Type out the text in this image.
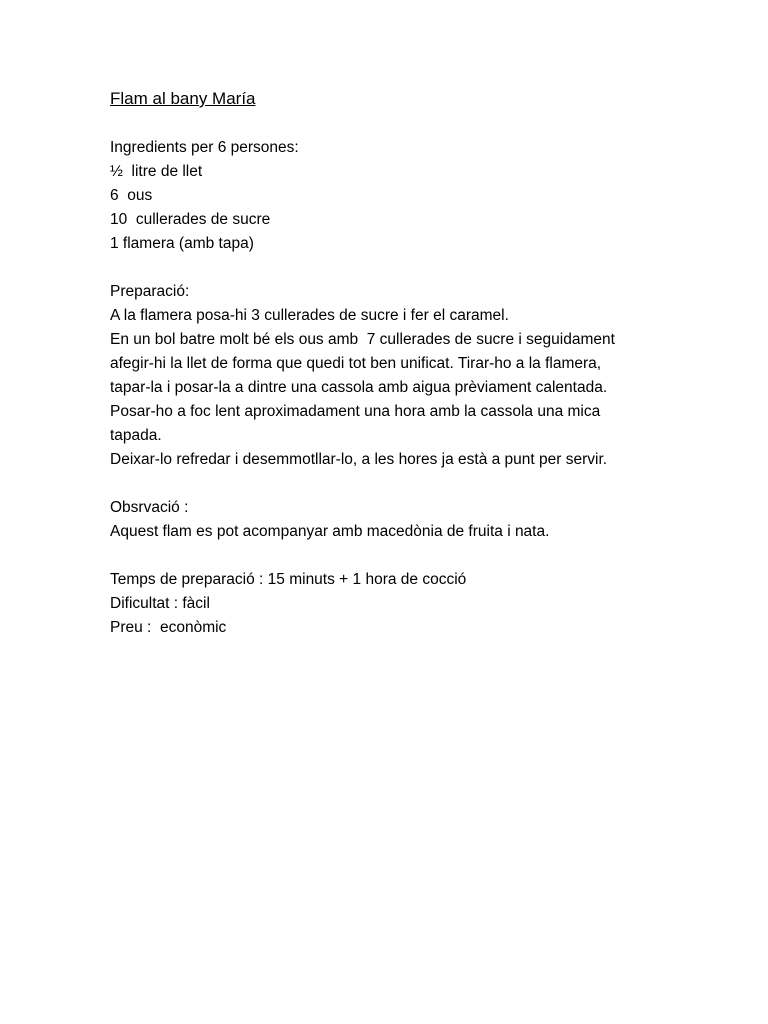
Flam al bany María
Ingredients per 6 persones:
½  litre de llet
6  ous
10  cullerades de sucre
1 flamera (amb tapa)
Preparació:
A la flamera posa-hi 3 cullerades de sucre i fer el caramel.
En un bol batre molt bé els ous amb  7 cullerades de sucre i seguidament
afegir-hi la llet de forma que quedi tot ben unificat. Tirar-ho a la flamera,
tapar-la i posar-la a dintre una cassola amb aigua prèviament calentada.
Posar-ho a foc lent aproximadament una hora amb la cassola una mica
tapada.
Deixar-lo refredar i desemmotllar-lo, a les hores ja està a punt per servir.
Obsrvació :
Aquest flam es pot acompanyar amb macedònia de fruita i nata.
Temps de preparació : 15 minuts + 1 hora de cocció
Dificultat : fàcil
Preu :  econòmic
